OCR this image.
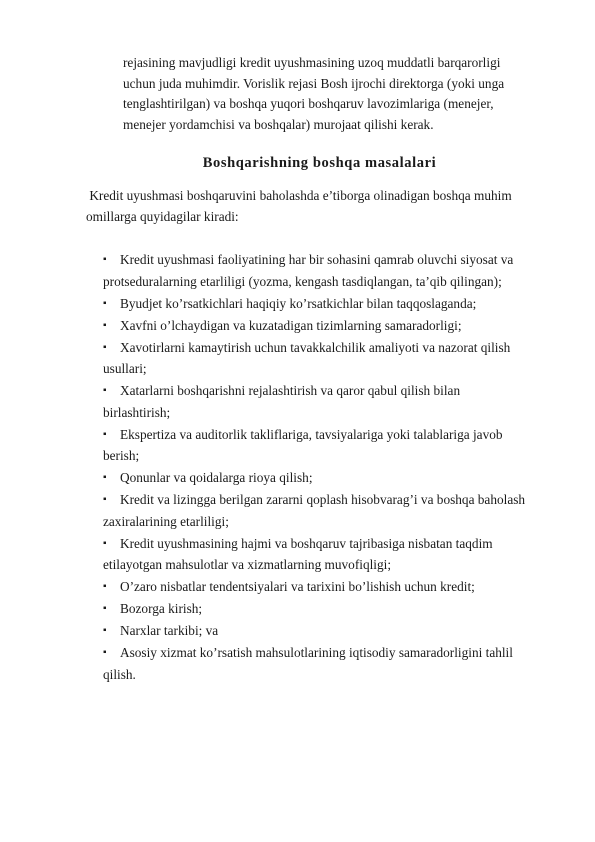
rejasining mavjudligi kredit uyushmasining uzoq muddatli barqarorligi
uchun juda muhimdir. Vorislik rejasi Bosh ijrochi direktorga (yoki unga
tenglashtirilgan) va boshqa yuqori boshqaruv lavozimlariga (menejer,
menejer yordamchisi va boshqalar) murojaat qilishi kerak.
Boshqarishning boshqa masalalari
Kredit uyushmasi boshqaruvini baholashda e’tiborga olinadigan boshqa muhim
omillarga quyidagilar kiradi:
▪	Kredit uyushmasi faoliyatining har bir sohasini qamrab oluvchi siyosat va
protseduralarning etarliligi (yozma, kengash tasdiqlangan, ta’qib qilingan);
▪	Byudjet ko’rsatkichlari haqiqiy ko’rsatkichlar bilan taqqoslaganda;
▪	Xavfni o’lchaydigan va kuzatadigan tizimlarning samaradorligi;
▪	Xavotirlarni kamaytirish uchun tavakkalchilik amaliyoti va nazorat qilish
usullari;
▪	Xatarlarni boshqarishni rejalashtirish va qaror qabul qilish bilan
birlashtirish;
▪	Ekspertiza va auditorlik takliflariga, tavsiyalariga yoki talablariga javob
berish;
▪	Qonunlar va qoidalarga rioya qilish;
▪	Kredit va lizingga berilgan zararni qoplash hisobvarag’i va boshqa baholash
zaxiralarining etarliligi;
▪	Kredit uyushmasining hajmi va boshqaruv tajribasiga nisbatan taqdim
etilayotgan mahsulotlar va xizmatlarning muvofiqligi;
▪	O’zaro nisbatlar tendentsiyalari va tarixini bo’lishish uchun kredit;
▪	Bozorga kirish;
▪	Narxlar tarkibi; va
▪	Asosiy xizmat ko’rsatish mahsulotlarining iqtisodiy samaradorligini tahlil
qilish.
